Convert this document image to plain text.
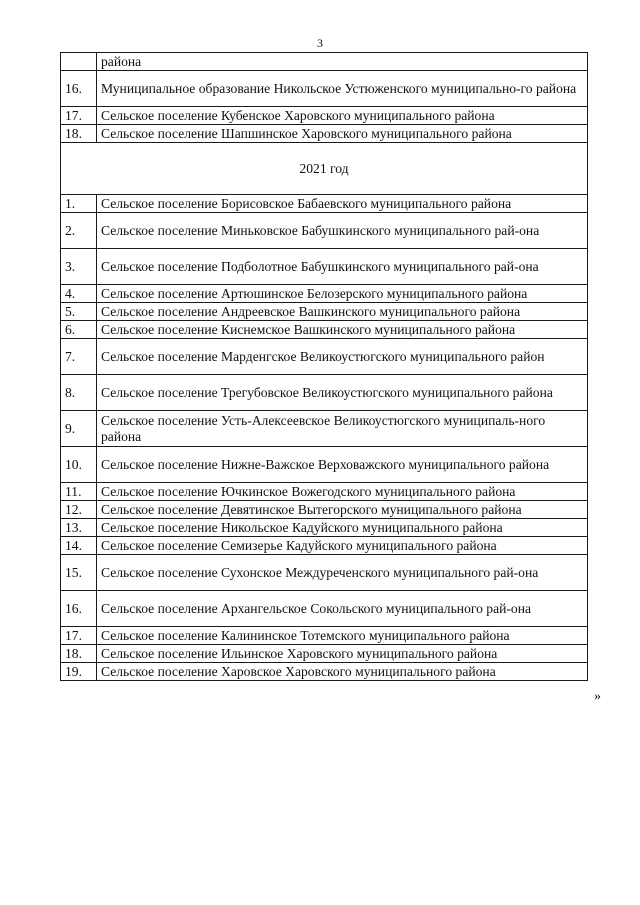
3
	района
16.	Муниципальное образование Никольское Устюженского муниципально-го района
17.	Сельское поселение Кубенское Харовского муниципального района
18.	Сельское поселение Шапшинское Харовского муниципального района
2021 год	
1.	Сельское поселение Борисовское Бабаевского муниципального района
2.	Сельское поселение Миньковское Бабушкинского муниципального рай-она
3.	Сельское поселение Подболотное Бабушкинского муниципального рай-она
4.	Сельское поселение Артюшинское Белозерского муниципального района
5.	Сельское поселение Андреевское Вашкинского муниципального района
6.	Сельское поселение Киснемское Вашкинского муниципального района
7.	Сельское поселение Марденгское Великоустюгского муниципального район
8.	Сельское поселение Трегубовское Великоустюгского муниципального района
9.	Сельское поселение Усть-Алексеевское Великоустюгского муниципаль-ного района
10.	Сельское поселение Нижне-Важское Верховажского муниципального района
11.	Сельское поселение Ючкинское Вожегодского муниципального района
12.	Сельское поселение Девятинское Вытегорского муниципального района
13.	Сельское поселение Никольское Кадуйского муниципального района
14.	Сельское поселение Семизерье Кадуйского муниципального района
15.	Сельское поселение Сухонское Междуреченского муниципального рай-она
16.	Сельское поселение Архангельское Сокольского муниципального рай-она
17.	Сельское поселение Калининское Тотемского муниципального района
18.	Сельское поселение Ильинское Харовского муниципального района
19.	Сельское поселение Харовское Харовского муниципального района
»
